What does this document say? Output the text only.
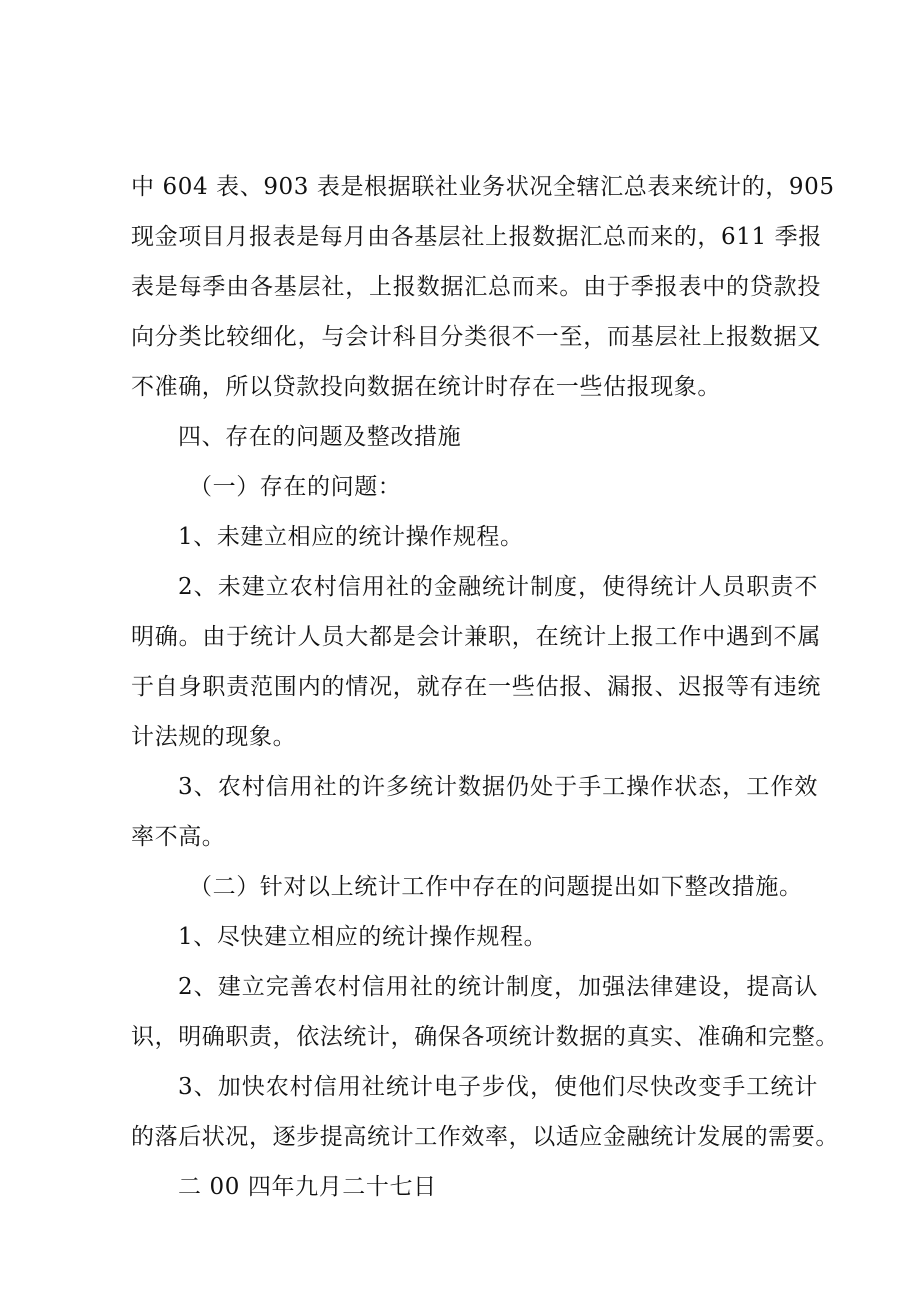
中 604 表、903 表是根据联社业务状况全辖汇总表来统计的，905
现金项目月报表是每月由各基层社上报数据汇总而来的，611 季报
表是每季由各基层社，上报数据汇总而来。由于季报表中的贷款投
向分类比较细化，与会计科目分类很不一至，而基层社上报数据又
不准确，所以贷款投向数据在统计时存在一些估报现象。
四、存在的问题及整改措施
（一）存在的问题：
1、未建立相应的统计操作规程。
2、未建立农村信用社的金融统计制度，使得统计人员职责不
明确。由于统计人员大都是会计兼职，在统计上报工作中遇到不属
于自身职责范围内的情况，就存在一些估报、漏报、迟报等有违统
计法规的现象。
3、农村信用社的许多统计数据仍处于手工操作状态，工作效
率不高。
（二）针对以上统计工作中存在的问题提出如下整改措施。
1、尽快建立相应的统计操作规程。
2、建立完善农村信用社的统计制度，加强法律建设，提高认
识，明确职责，依法统计，确保各项统计数据的真实、准确和完整。
3、加快农村信用社统计电子步伐，使他们尽快改变手工统计
的落后状况，逐步提高统计工作效率，以适应金融统计发展的需要。
二 00 四年九月二十七日
